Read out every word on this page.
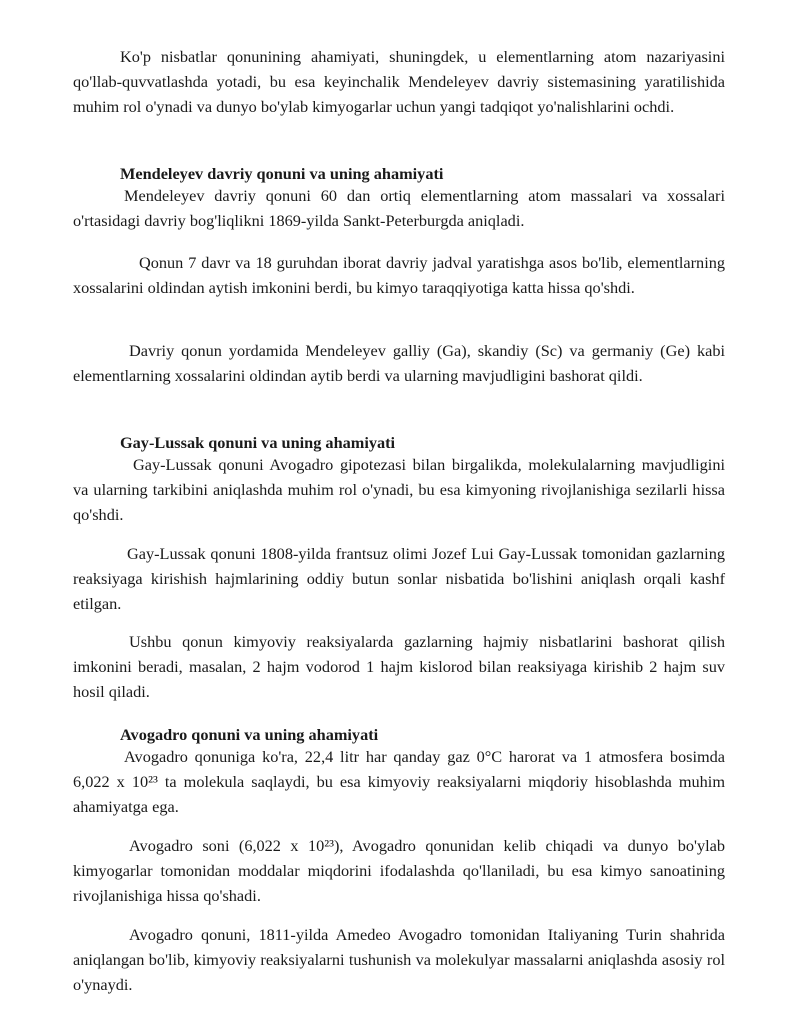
Ko'p nisbatlar qonunining ahamiyati, shuningdek, u elementlarning atom nazariyasini qo'llab-quvvatlashda yotadi, bu esa keyinchalik Mendeleyev davriy sistemasining yaratilishida muhim rol o'ynadi va dunyo bo'ylab kimyogarlar uchun yangi tadqiqot yo'nalishlarini ochdi.

Mendeleyev davriy qonuni va uning ahamiyati

Mendeleyev davriy qonuni 60 dan ortiq elementlarning atom massalari va xossalari o'rtasidagi davriy bog'liqlikni 1869-yilda Sankt-Peterburgda aniqladi.

Qonun 7 davr va 18 guruhdan iborat davriy jadval yaratishga asos bo'lib, elementlarning xossalarini oldindan aytish imkonini berdi, bu kimyo taraqqiyotiga katta hissa qo'shdi.

Davriy qonun yordamida Mendeleyev galliy (Ga), skandiy (Sc) va germaniy (Ge) kabi elementlarning xossalarini oldindan aytib berdi va ularning mavjudligini bashorat qildi.

Gay-Lussak qonuni va uning ahamiyati

Gay-Lussak qonuni Avogadro gipotezasi bilan birgalikda, molekulalarning mavjudligini va ularning tarkibini aniqlashda muhim rol o'ynadi, bu esa kimyoning rivojlanishiga sezilarli hissa qo'shdi.

Gay-Lussak qonuni 1808-yilda frantsuz olimi Jozef Lui Gay-Lussak tomonidan gazlarning reaksiyaga kirishish hajmlarining oddiy butun sonlar nisbatida bo'lishini aniqlash orqali kashf etilgan.

Ushbu qonun kimyoviy reaksiyalarda gazlarning hajmiy nisbatlarini bashorat qilish imkonini beradi, masalan, 2 hajm vodorod 1 hajm kislorod bilan reaksiyaga kirishib 2 hajm suv hosil qiladi.

Avogadro qonuni va uning ahamiyati

Avogadro qonuniga ko'ra, 22,4 litr har qanday gaz 0°C harorat va 1 atmosfera bosimda 6,022 x 10²³ ta molekula saqlaydi, bu esa kimyoviy reaksiyalarni miqdoriy hisoblashda muhim ahamiyatga ega.

Avogadro soni (6,022 x 10²³), Avogadro qonunidan kelib chiqadi va dunyo bo'ylab kimyogarlar tomonidan moddalar miqdorini ifodalashda qo'llaniladi, bu esa kimyo sanoatining rivojlanishiga hissa qo'shadi.

Avogadro qonuni, 1811-yilda Amedeo Avogadro tomonidan Italiyaning Turin shahrida aniqlangan bo'lib, kimyoviy reaksiyalarni tushunish va molekulyar massalarni aniqlashda asosiy rol o'ynaydi.
